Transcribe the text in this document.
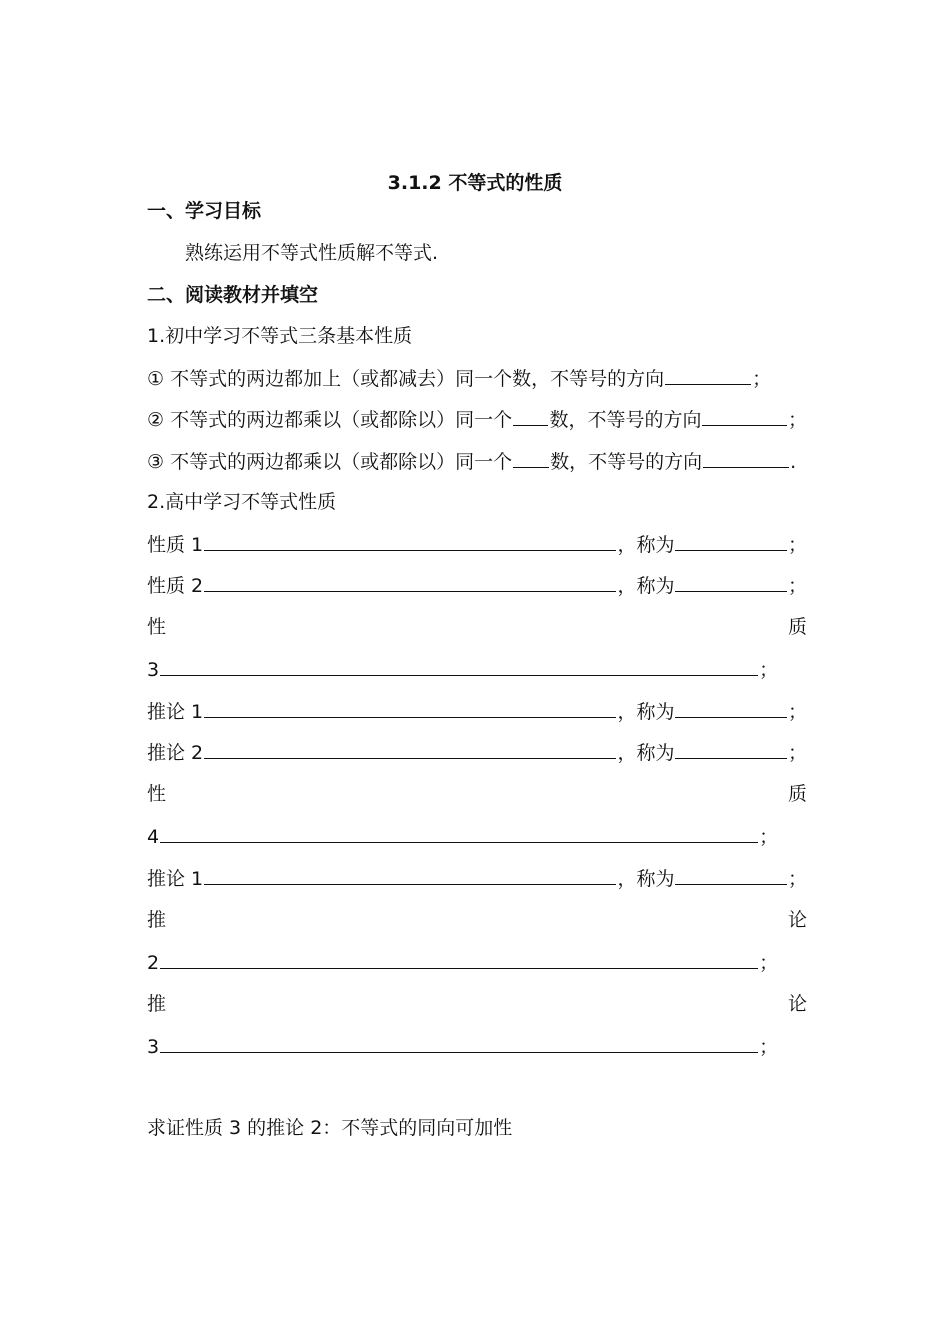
3.1.2 不等式的性质
一、学习目标
熟练运用不等式性质解不等式.
二、阅读教材并填空
1.初中学习不等式三条基本性质
① 不等式的两边都加上（或都减去）同一个数，不等号的方向	；
② 不等式的两边都乘以（或都除以）同一个 数，不等号的方向	；
③ 不等式的两边都乘以（或都除以）同一个 数，不等号的方向	.
2.高中学习不等式性质
性质 1	，称为	；
性质 2	，称为	；
性	质
3	；
推论 1	，称为	；
推论 2	，称为	；
性	质
4	；
推论 1	，称为	；
推	论
2	；
推	论
3	；
求证性质 3 的推论 2：不等式的同向可加性
